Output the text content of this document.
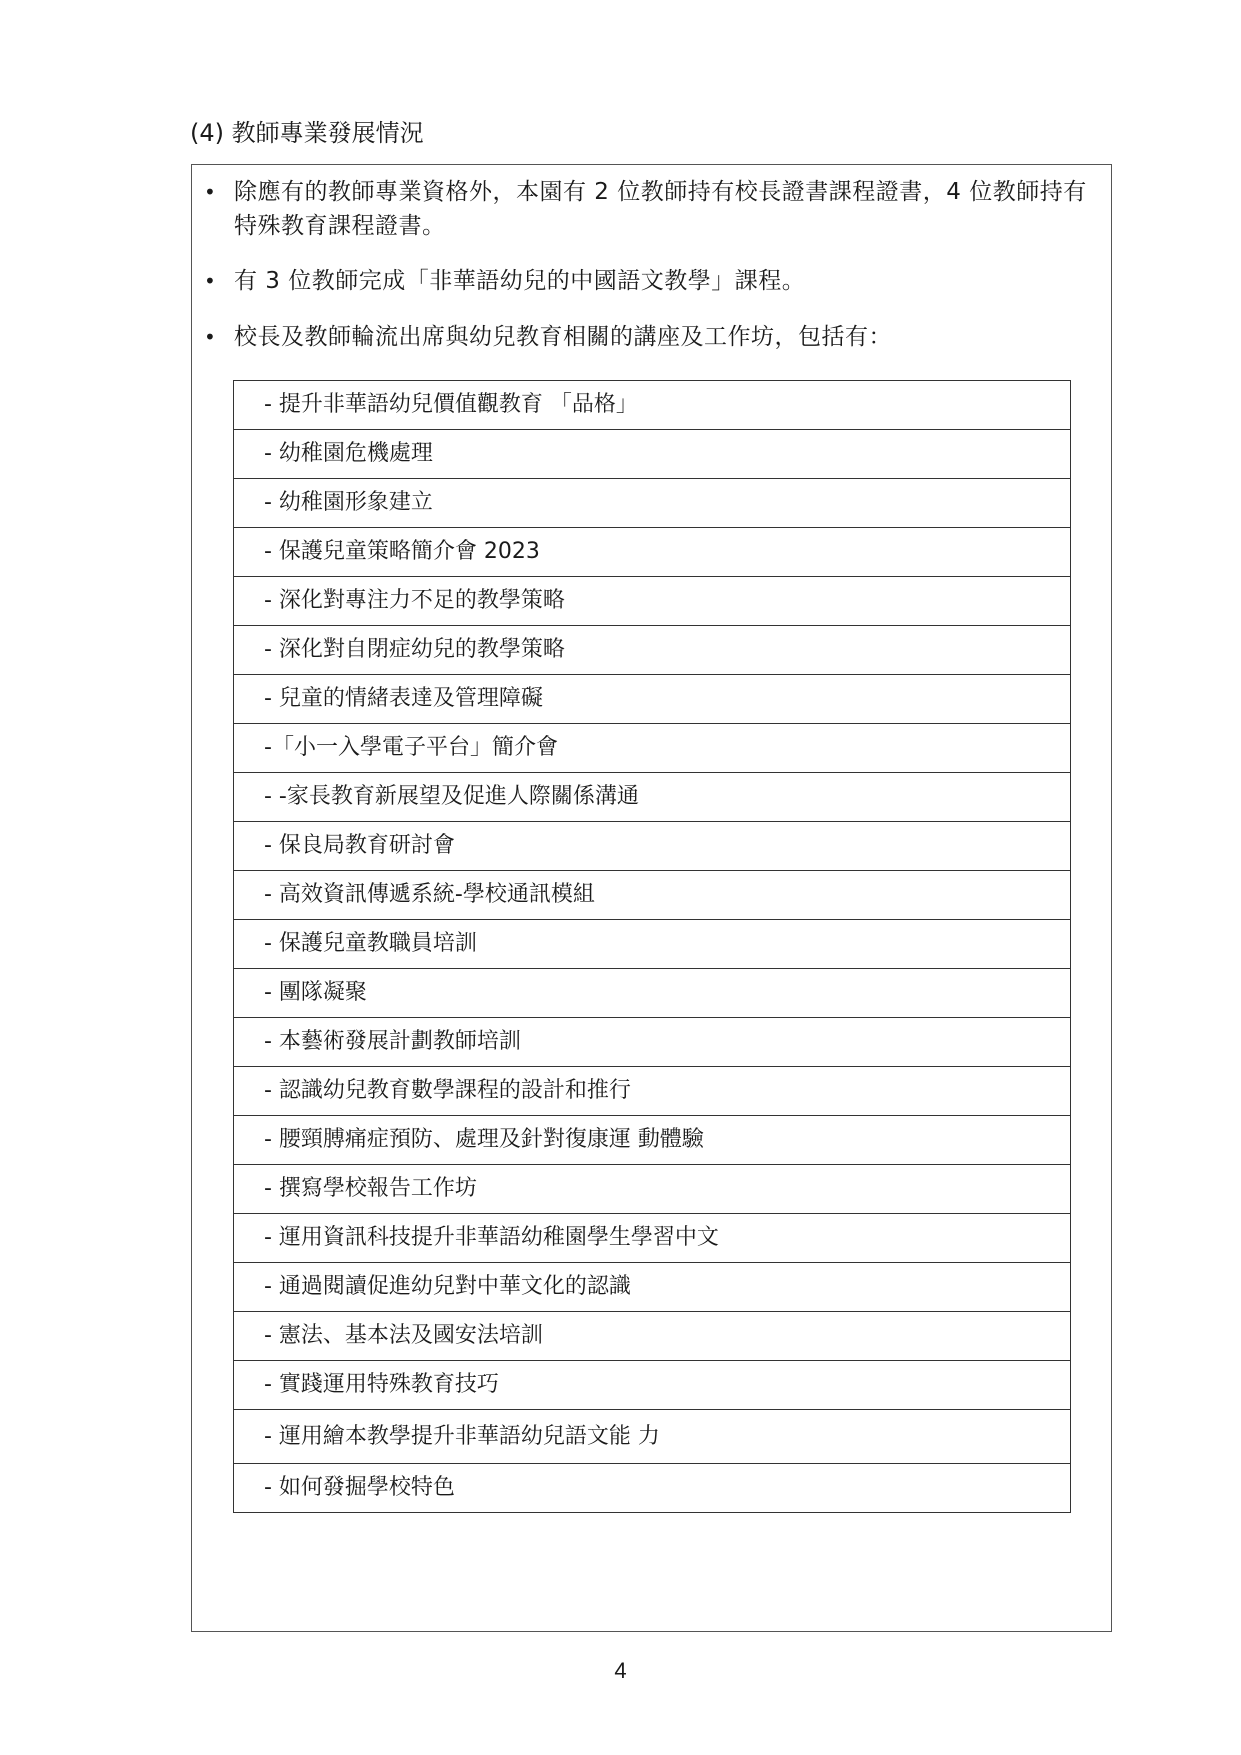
(4) 教師專業發展情況
• 除應有的教師專業資格外，本園有 2 位教師持有校長證書課程證書，4 位教師持有特殊教育課程證書。
• 有 3 位教師完成「非華語幼兒的中國語文教學」課程。
• 校長及教師輪流出席與幼兒教育相關的講座及工作坊，包括有：
- 提升非華語幼兒價值觀教育 「品格」
- 幼稚園危機處理
- 幼稚園形象建立
- 保護兒童策略簡介會 2023
- 深化對專注力不足的教學策略
- 深化對自閉症幼兒的教學策略
- 兒童的情緒表達及管理障礙
-「小一入學電子平台」簡介會
- -家長教育新展望及促進人際關係溝通
- 保良局教育研討會
- 高效資訊傳遞系統-學校通訊模組
- 保護兒童教職員培訓
- 團隊凝聚
- 本藝術發展計劃教師培訓
- 認識幼兒教育數學課程的設計和推行
- 腰頸膊痛症預防、處理及針對復康運 動體驗
- 撰寫學校報告工作坊
- 運用資訊科技提升非華語幼稚園學生學習中文
- 通過閱讀促進幼兒對中華文化的認識
- 憲法、基本法及國安法培訓
- 實踐運用特殊教育技巧
- 運用繪本教學提升非華語幼兒語文能 力
- 如何發掘學校特色
4
